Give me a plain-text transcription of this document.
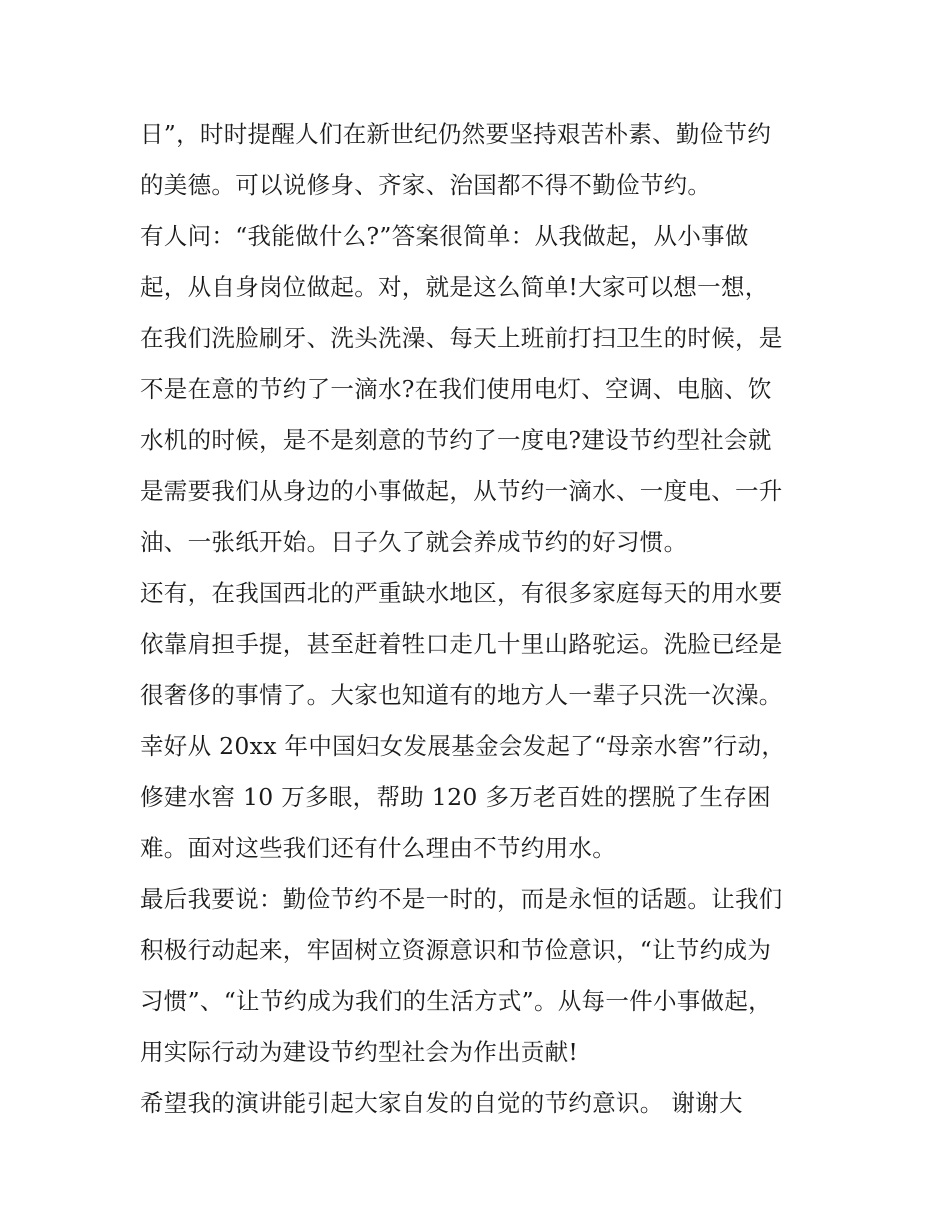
日”，时时提醒人们在新世纪仍然要坚持艰苦朴素、勤俭节约
的美德。可以说修身、齐家、治国都不得不勤俭节约。
有人问：“我能做什么?”答案很简单：从我做起，从小事做
起，从自身岗位做起。对，就是这么简单!大家可以想一想，
在我们洗脸刷牙、洗头洗澡、每天上班前打扫卫生的时候，是
不是在意的节约了一滴水?在我们使用电灯、空调、电脑、饮
水机的时候，是不是刻意的节约了一度电?建设节约型社会就
是需要我们从身边的小事做起，从节约一滴水、一度电、一升
油、一张纸开始。日子久了就会养成节约的好习惯。
还有，在我国西北的严重缺水地区，有很多家庭每天的用水要
依靠肩担手提，甚至赶着牲口走几十里山路驼运。洗脸已经是
很奢侈的事情了。大家也知道有的地方人一辈子只洗一次澡。
幸好从 20xx 年中国妇女发展基金会发起了“母亲水窖”行动，
修建水窖 10 万多眼，帮助 120 多万老百姓的摆脱了生存困
难。面对这些我们还有什么理由不节约用水。
最后我要说：勤俭节约不是一时的，而是永恒的话题。让我们
积极行动起来，牢固树立资源意识和节俭意识，“让节约成为
习惯”、“让节约成为我们的生活方式”。从每一件小事做起，
用实际行动为建设节约型社会为作出贡献!
希望我的演讲能引起大家自发的自觉的节约意识。 谢谢大
